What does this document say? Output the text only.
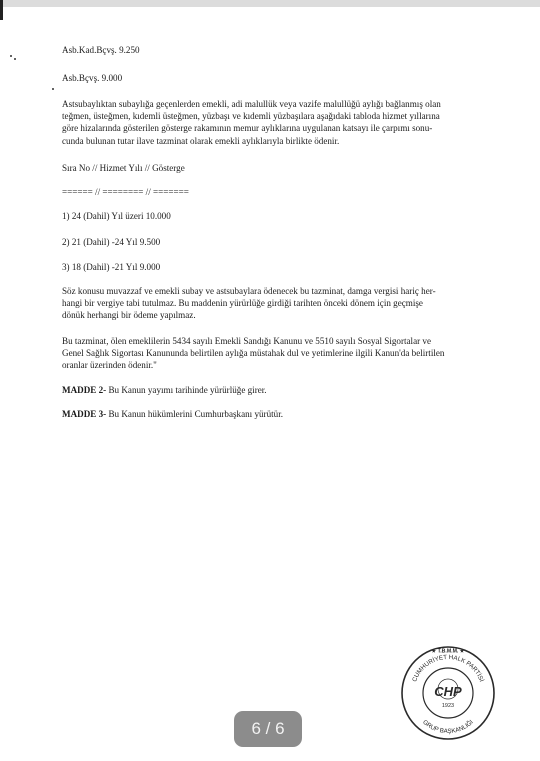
Asb.Kad.Bçvş. 9.250
Asb.Bçvş. 9.000
Astsubaylıktan subaylığa geçenlerden emekli, adi malullük veya vazife malullüğü aylığı bağlanmış olan
teğmen, üsteğmen, kıdemli üsteğmen, yüzbaşı ve kıdemli yüzbaşılara aşağıdaki tabloda hizmet yıllarına
göre hizalarında gösterilen gösterge rakamının memur aylıklarına uygulanan katsayı ile çarpımı sonu-
cunda bulunan tutar ilave tazminat olarak emekli aylıklarıyla birlikte ödenir.
Sıra No // Hizmet Yılı // Gösterge
====== // ======== // =======
1) 24 (Dahil) Yıl üzeri 10.000
2) 21 (Dahil) -24 Yıl 9.500
3) 18 (Dahil) -21 Yıl 9.000
Söz konusu muvazzaf ve emekli subay ve astsubaylara ödenecek bu tazminat, damga vergisi hariç her-
hangi bir vergiye tabi tutulmaz. Bu maddenin yürürlüğe girdiği tarihten önceki dönem için geçmişe
dönük herhangi bir ödeme yapılmaz.
Bu tazminat, ölen emeklilerin 5434 sayılı Emekli Sandığı Kanunu ve 5510 sayılı Sosyal Sigortalar ve
Genel Sağlık Sigortası Kanununda belirtilen aylığa müstahak dul ve yetimlerine ilgili Kanun'da belirtilen
oranlar üzerinden ödenir."
MADDE 2- Bu Kanun yayımı tarihinde yürürlüğe girer.
MADDE 3- Bu Kanun hükümlerini Cumhurbaşkanı yürütür.
CUMHURİYET HALK PARTİSİ
GRUP BAŞKANLIĞI
★ T.B.M.M. ★
CHP
1923
6 / 6
